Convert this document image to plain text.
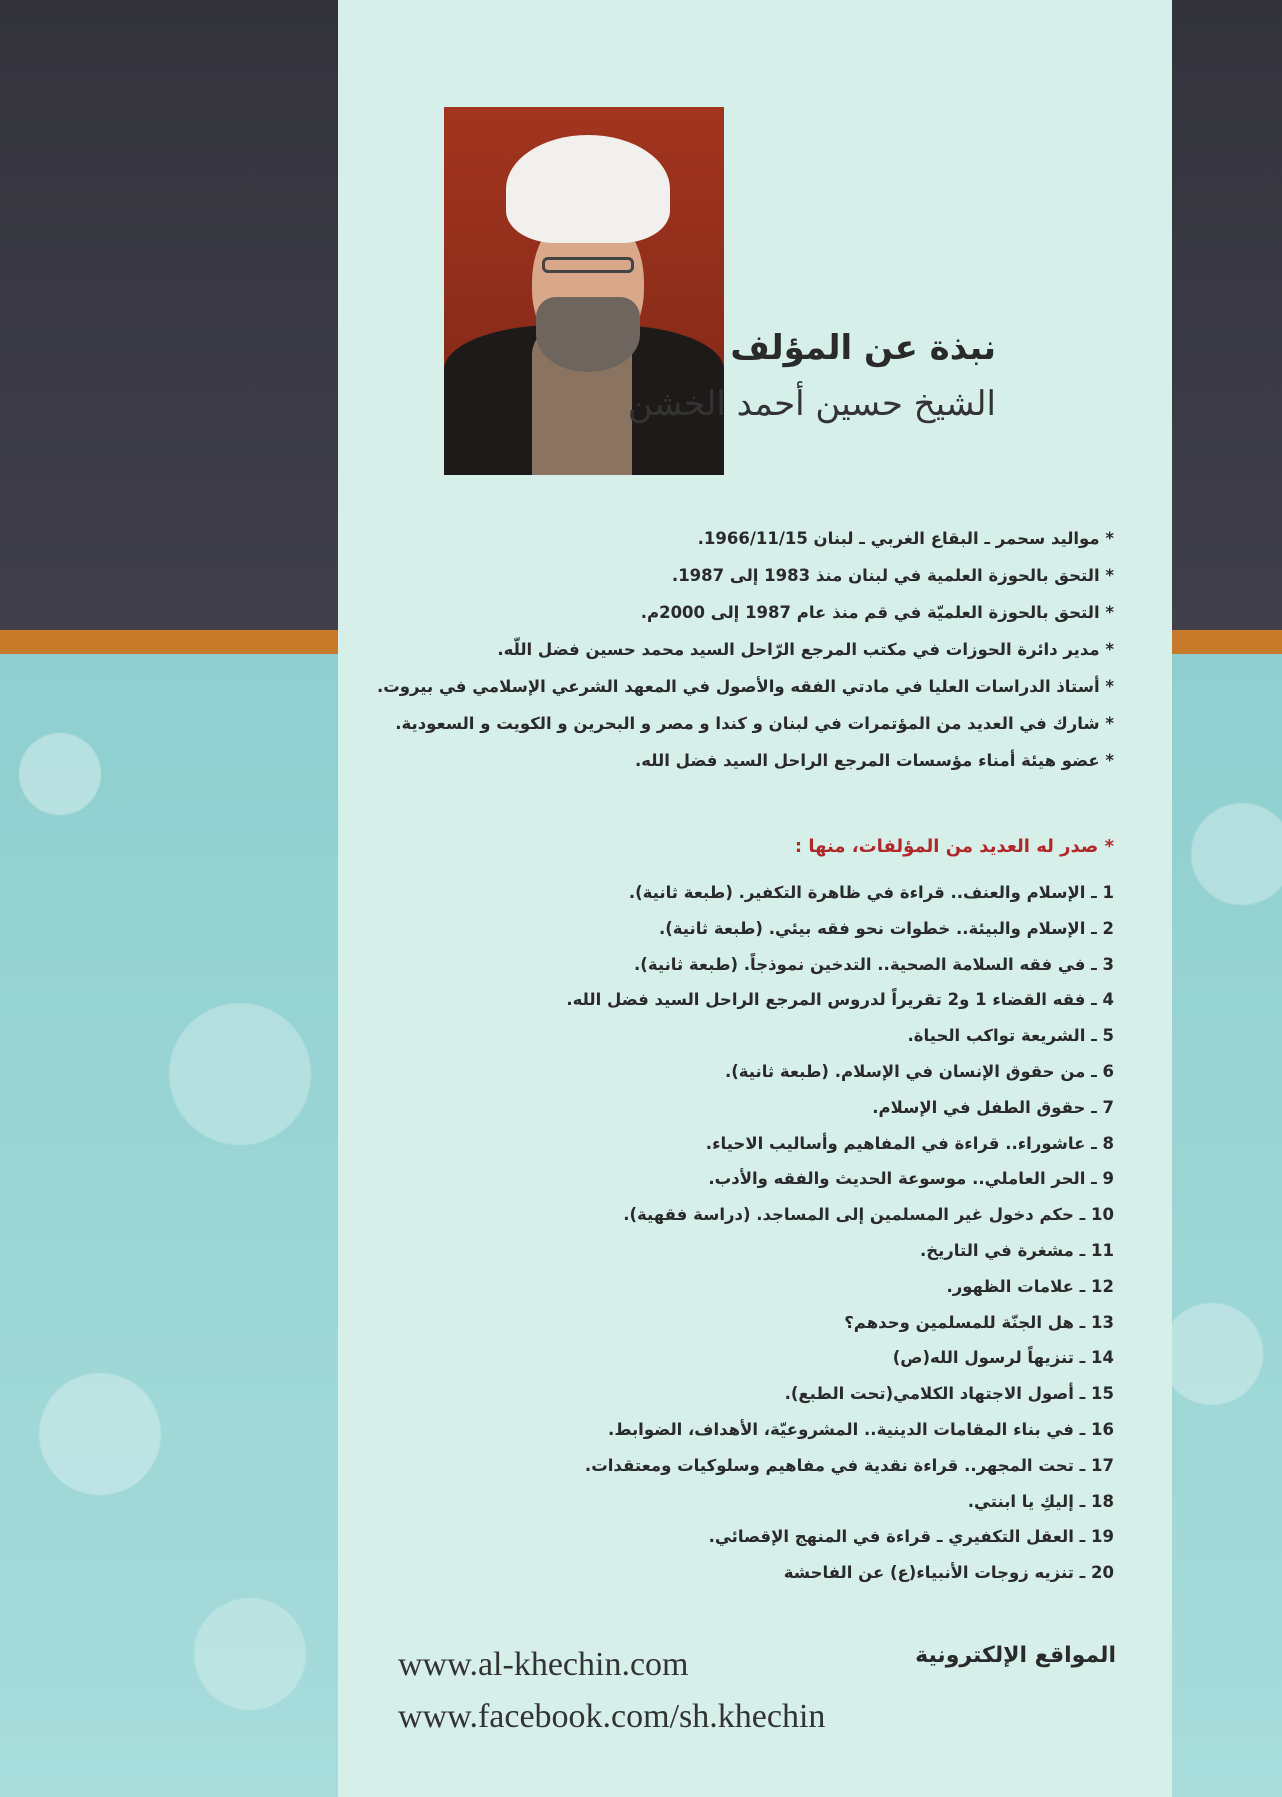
نبذة عن المؤلف
الشيخ حسين أحمد الخشن
* مواليد سحمر ـ البقاع الغربي ـ لبنان 1966/11/15.
* التحق بالحوزة العلمية في لبنان منذ 1983 إلى 1987.
* التحق بالحوزة العلميّة في قم منذ عام 1987 إلى 2000م.
* مدير دائرة الحوزات في مكتب المرجع الرّاحل السيد محمد حسين فضل اللّه.
* أستاذ الدراسات العليا في مادتي الفقه والأصول في المعهد الشرعي الإسلامي في بيروت.
* شارك في العديد من المؤتمرات في لبنان و كندا و مصر و البحرين و الكويت و السعودية.
* عضو هيئة أمناء مؤسسات المرجع الراحل السيد فضل الله.
* صدر له العديد من المؤلفات، منها :
1 ـ الإسلام والعنف.. قراءة في ظاهرة التكفير. (طبعة ثانية).
2 ـ الإسلام والبيئة.. خطوات نحو فقه بيئي. (طبعة ثانية).
3 ـ في فقه السلامة الصحية.. التدخين نموذجاً. (طبعة ثانية).
4 ـ فقه القضاء 1 و2 تقريراً لدروس المرجع الراحل السيد فضل الله.
5 ـ الشريعة تواكب الحياة.
6 ـ من حقوق الإنسان في الإسلام. (طبعة ثانية).
7 ـ حقوق الطفل في الإسلام.
8 ـ عاشوراء.. قراءة في المفاهيم وأساليب الاحياء.
9 ـ الحر العاملي.. موسوعة الحديث والفقه والأدب.
10 ـ حكم دخول غير المسلمين إلى المساجد. (دراسة فقهية).
11 ـ مشغرة في التاريخ.
12 ـ علامات الظهور.
13 ـ هل الجنّة للمسلمين وحدهم؟
14 ـ تنزيهاً لرسول الله(ص)
15 ـ أصول الاجتهاد الكلامي(تحت الطبع).
16 ـ في بناء المقامات الدينية.. المشروعيّة، الأهداف، الضوابط.
17 ـ تحت المجهر.. قراءة نقدية في مفاهيم وسلوكيات ومعتقدات.
18 ـ إليكِ يا ابنتي.
19 ـ العقل التكفيري ـ قراءة في المنهج الإقصائي.
20 ـ تنزيه زوجات الأنبياء(ع) عن الفاحشة
المواقع الإلكترونية
www.al-khechin.com
www.facebook.com/sh.khechin
